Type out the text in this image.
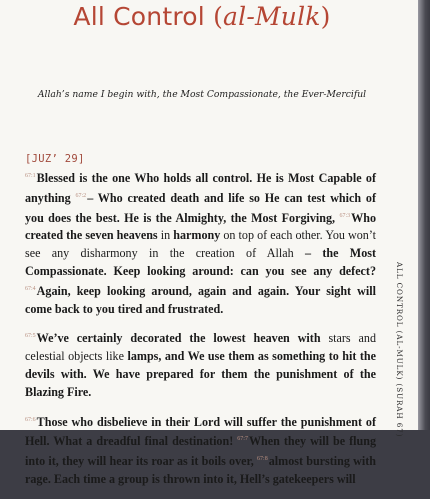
All Control (al-Mulk)
Allah’s name I begin with, the Most Compassionate, the Ever-Merciful
[JUZ’ 29]

$^{67:1}$Blessed is the one Who holds all control. He is Most Capable of anything $^{67:2}$– Who created death and life so He can test which of you does the best. He is the Almighty, the Most Forgiving, $^{67:3}$Who created the seven heavens in harmony on top of each other. You won’t see any disharmony in the creation of Allah – the Most Compassionate. Keep looking around: can you see any defect? $^{67:4}$Again, keep looking around, again and again. Your sight will come back to you tired and frustrated.

$^{67:5}$We’ve certainly decorated the lowest heaven with stars and celestial objects like lamps, and We use them as something to hit the devils with. We have prepared for them the punishment of the Blazing Fire.

$^{67:6}$Those who disbelieve in their Lord will suffer the punishment of Hell. What a dreadful final destination! $^{67:7}$When they will be flung into it, they will hear its roar as it boils over, $^{67:8}$almost bursting with rage. Each time a group is thrown into it, Hell’s gatekeepers will

ALL CONTROL (AL-MULK) (SURAH 67)
